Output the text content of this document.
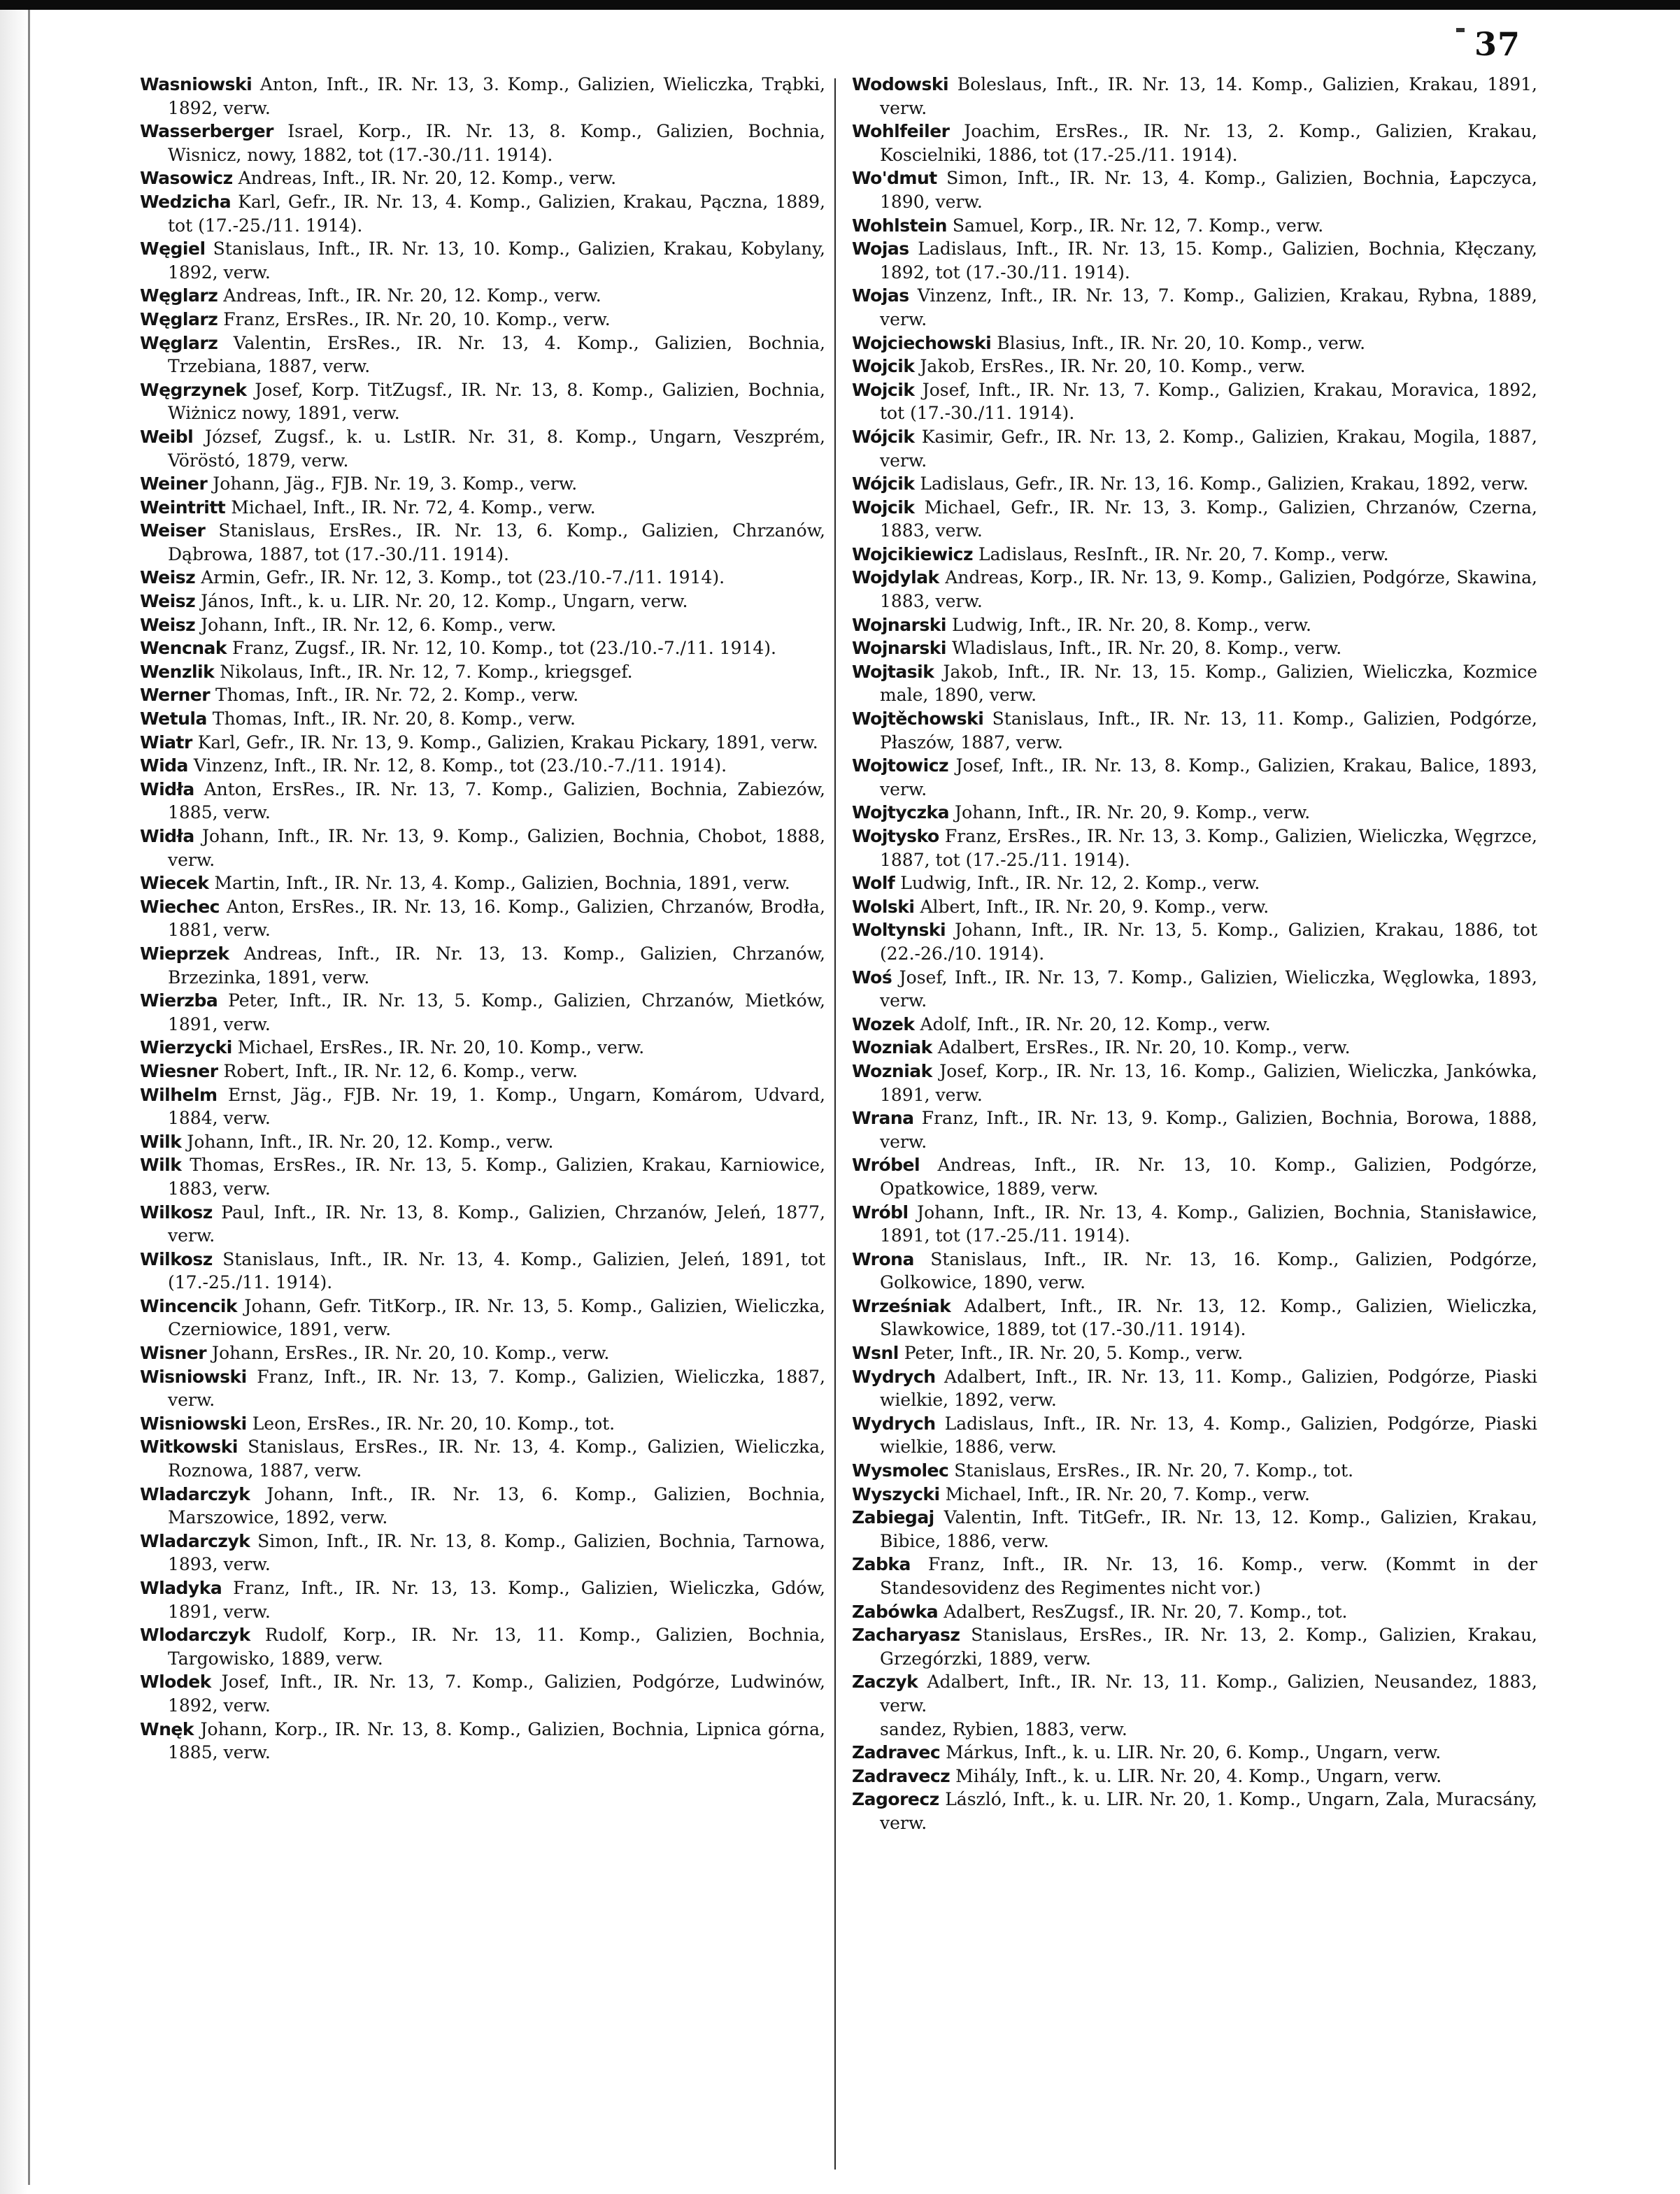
37

Wasniowski Anton, Inft., IR. Nr. 13, 3. Komp., Galizien, Wieliczka, Trąbki, 1892, verw.

Wasserberger Israel, Korp., IR. Nr. 13, 8. Komp., Galizien, Bochnia, Wisnicz, nowy, 1882, tot (17.-30./11. 1914).

Wasowicz Andreas, Inft., IR. Nr. 20, 12. Komp., verw.

Wedzicha Karl, Gefr., IR. Nr. 13, 4. Komp., Galizien, Krakau, Pączna, 1889, tot (17.-25./11. 1914).

Węgiel Stanislaus, Inft., IR. Nr. 13, 10. Komp., Galizien, Krakau, Kobylany, 1892, verw.

Węglarz Andreas, Inft., IR. Nr. 20, 12. Komp., verw.

Węglarz Franz, ErsRes., IR. Nr. 20, 10. Komp., verw.

Węglarz Valentin, ErsRes., IR. Nr. 13, 4. Komp., Galizien, Bochnia, Trzebiana, 1887, verw.

Węgrzynek Josef, Korp. TitZugsf., IR. Nr. 13, 8. Komp., Galizien, Bochnia, Wiżnicz nowy, 1891, verw.

Weibl József, Zugsf., k. u. LstIR. Nr. 31, 8. Komp., Ungarn, Veszprém, Vöröstó, 1879, verw.

Weiner Johann, Jäg., FJB. Nr. 19, 3. Komp., verw.

Weintritt Michael, Inft., IR. Nr. 72, 4. Komp., verw.

Weiser Stanislaus, ErsRes., IR. Nr. 13, 6. Komp., Galizien, Chrzanów, Dąbrowa, 1887, tot (17.-30./11. 1914).

Weisz Armin, Gefr., IR. Nr. 12, 3. Komp., tot (23./10.-7./11. 1914).

Weisz János, Inft., k. u. LIR. Nr. 20, 12. Komp., Ungarn, verw.

Weisz Johann, Inft., IR. Nr. 12, 6. Komp., verw.

Wencnak Franz, Zugsf., IR. Nr. 12, 10. Komp., tot (23./10.-7./11. 1914).

Wenzlik Nikolaus, Inft., IR. Nr. 12, 7. Komp., kriegsgef.

Werner Thomas, Inft., IR. Nr. 72, 2. Komp., verw.

Wetula Thomas, Inft., IR. Nr. 20, 8. Komp., verw.

Wiatr Karl, Gefr., IR. Nr. 13, 9. Komp., Galizien, Krakau Pickary, 1891, verw.

Wida Vinzenz, Inft., IR. Nr. 12, 8. Komp., tot (23./10.-7./11. 1914).

Widła Anton, ErsRes., IR. Nr. 13, 7. Komp., Galizien, Bochnia, Zabiezów, 1885, verw.

Widła Johann, Inft., IR. Nr. 13, 9. Komp., Galizien, Bochnia, Chobot, 1888, verw.

Wiecek Martin, Inft., IR. Nr. 13, 4. Komp., Galizien, Bochnia, 1891, verw.

Wiechec Anton, ErsRes., IR. Nr. 13, 16. Komp., Galizien, Chrzanów, Brodła, 1881, verw.

Wieprzek Andreas, Inft., IR. Nr. 13, 13. Komp., Galizien, Chrzanów, Brzezinka, 1891, verw.

Wierzba Peter, Inft., IR. Nr. 13, 5. Komp., Galizien, Chrzanów, Mietków, 1891, verw.

Wierzycki Michael, ErsRes., IR. Nr. 20, 10. Komp., verw.

Wiesner Robert, Inft., IR. Nr. 12, 6. Komp., verw.

Wilhelm Ernst, Jäg., FJB. Nr. 19, 1. Komp., Ungarn, Komárom, Udvard, 1884, verw.

Wilk Johann, Inft., IR. Nr. 20, 12. Komp., verw.

Wilk Thomas, ErsRes., IR. Nr. 13, 5. Komp., Galizien, Krakau, Karniowice, 1883, verw.

Wilkosz Paul, Inft., IR. Nr. 13, 8. Komp., Galizien, Chrzanów, Jeleń, 1877, verw.

Wilkosz Stanislaus, Inft., IR. Nr. 13, 4. Komp., Galizien, Jeleń, 1891, tot (17.-25./11. 1914).

Wincencik Johann, Gefr. TitKorp., IR. Nr. 13, 5. Komp., Galizien, Wieliczka, Czerniowice, 1891, verw.

Wisner Johann, ErsRes., IR. Nr. 20, 10. Komp., verw.

Wisniowski Franz, Inft., IR. Nr. 13, 7. Komp., Galizien, Wieliczka, 1887, verw.

Wisniowski Leon, ErsRes., IR. Nr. 20, 10. Komp., tot.

Witkowski Stanislaus, ErsRes., IR. Nr. 13, 4. Komp., Galizien, Wieliczka, Roznowa, 1887, verw.

Wladarczyk Johann, Inft., IR. Nr. 13, 6. Komp., Galizien, Bochnia, Marszowice, 1892, verw.

Wladarczyk Simon, Inft., IR. Nr. 13, 8. Komp., Galizien, Bochnia, Tarnowa, 1893, verw.

Wladyka Franz, Inft., IR. Nr. 13, 13. Komp., Galizien, Wieliczka, Gdów, 1891, verw.

Wlodarczyk Rudolf, Korp., IR. Nr. 13, 11. Komp., Galizien, Bochnia, Targowisko, 1889, verw.

Wlodek Josef, Inft., IR. Nr. 13, 7. Komp., Galizien, Podgórze, Ludwinów, 1892, verw.

Wnęk Johann, Korp., IR. Nr. 13, 8. Komp., Galizien, Bochnia, Lipnica górna, 1885, verw.

Wodowski Boleslaus, Inft., IR. Nr. 13, 14. Komp., Galizien, Krakau, 1891, verw.

Wohlfeiler Joachim, ErsRes., IR. Nr. 13, 2. Komp., Galizien, Krakau, Koscielniki, 1886, tot (17.-25./11. 1914).

Wo'dmut Simon, Inft., IR. Nr. 13, 4. Komp., Galizien, Bochnia, Łapczyca, 1890, verw.

Wohlstein Samuel, Korp., IR. Nr. 12, 7. Komp., verw.

Wojas Ladislaus, Inft., IR. Nr. 13, 15. Komp., Galizien, Bochnia, Kłęczany, 1892, tot (17.-30./11. 1914).

Wojas Vinzenz, Inft., IR. Nr. 13, 7. Komp., Galizien, Krakau, Rybna, 1889, verw.

Wojciechowski Blasius, Inft., IR. Nr. 20, 10. Komp., verw.

Wojcik Jakob, ErsRes., IR. Nr. 20, 10. Komp., verw.

Wojcik Josef, Inft., IR. Nr. 13, 7. Komp., Galizien, Krakau, Moravica, 1892, tot (17.-30./11. 1914).

Wójcik Kasimir, Gefr., IR. Nr. 13, 2. Komp., Galizien, Krakau, Mogila, 1887, verw.

Wójcik Ladislaus, Gefr., IR. Nr. 13, 16. Komp., Galizien, Krakau, 1892, verw.

Wojcik Michael, Gefr., IR. Nr. 13, 3. Komp., Galizien, Chrzanów, Czerna, 1883, verw.

Wojcikiewicz Ladislaus, ResInft., IR. Nr. 20, 7. Komp., verw.

Wojdylak Andreas, Korp., IR. Nr. 13, 9. Komp., Galizien, Podgórze, Skawina, 1883, verw.

Wojnarski Ludwig, Inft., IR. Nr. 20, 8. Komp., verw.

Wojnarski Wladislaus, Inft., IR. Nr. 20, 8. Komp., verw.

Wojtasik Jakob, Inft., IR. Nr. 13, 15. Komp., Galizien, Wieliczka, Kozmice male, 1890, verw.

Wojtěchowski Stanislaus, Inft., IR. Nr. 13, 11. Komp., Galizien, Podgórze, Płaszów, 1887, verw.

Wojtowicz Josef, Inft., IR. Nr. 13, 8. Komp., Galizien, Krakau, Balice, 1893, verw.

Wojtyczka Johann, Inft., IR. Nr. 20, 9. Komp., verw.

Wojtysko Franz, ErsRes., IR. Nr. 13, 3. Komp., Galizien, Wieliczka, Węgrzce, 1887, tot (17.-25./11. 1914).

Wolf Ludwig, Inft., IR. Nr. 12, 2. Komp., verw.

Wolski Albert, Inft., IR. Nr. 20, 9. Komp., verw.

Woltynski Johann, Inft., IR. Nr. 13, 5. Komp., Galizien, Krakau, 1886, tot (22.-26./10. 1914).

Woś Josef, Inft., IR. Nr. 13, 7. Komp., Galizien, Wieliczka, Węglowka, 1893, verw.

Wozek Adolf, Inft., IR. Nr. 20, 12. Komp., verw.

Wozniak Adalbert, ErsRes., IR. Nr. 20, 10. Komp., verw.

Wozniak Josef, Korp., IR. Nr. 13, 16. Komp., Galizien, Wieliczka, Jankówka, 1891, verw.

Wrana Franz, Inft., IR. Nr. 13, 9. Komp., Galizien, Bochnia, Borowa, 1888, verw.

Wróbel Andreas, Inft., IR. Nr. 13, 10. Komp., Galizien, Podgórze, Opatkowice, 1889, verw.

Wróbl Johann, Inft., IR. Nr. 13, 4. Komp., Galizien, Bochnia, Stanisławice, 1891, tot (17.-25./11. 1914).

Wrona Stanislaus, Inft., IR. Nr. 13, 16. Komp., Galizien, Podgórze, Golkowice, 1890, verw.

Wrześniak Adalbert, Inft., IR. Nr. 13, 12. Komp., Galizien, Wieliczka, Slawkowice, 1889, tot (17.-30./11. 1914).

Wsnl Peter, Inft., IR. Nr. 20, 5. Komp., verw.

Wydrych Adalbert, Inft., IR. Nr. 13, 11. Komp., Galizien, Podgórze, Piaski wielkie, 1892, verw.

Wydrych Ladislaus, Inft., IR. Nr. 13, 4. Komp., Galizien, Podgórze, Piaski wielkie, 1886, verw.

Wysmolec Stanislaus, ErsRes., IR. Nr. 20, 7. Komp., tot.

Wyszycki Michael, Inft., IR. Nr. 20, 7. Komp., verw.

Zabiegaj Valentin, Inft. TitGefr., IR. Nr. 13, 12. Komp., Galizien, Krakau, Bibice, 1886, verw.

Zabka Franz, Inft., IR. Nr. 13, 16. Komp., verw. (Kommt in der Standesovidenz des Regimentes nicht vor.)

Zabówka Adalbert, ResZugsf., IR. Nr. 20, 7. Komp., tot.

Zacharyasz Stanislaus, ErsRes., IR. Nr. 13, 2. Komp., Galizien, Krakau, Grzegórzki, 1889, verw.

Zaczyk Adalbert, Inft., IR. Nr. 13, 11. Komp., Galizien, Neusandez, 1883, verw.

sandez, Rybien, 1883, verw.

Zadravec Márkus, Inft., k. u. LIR. Nr. 20, 6. Komp., Ungarn, verw.

Zadravecz Mihály, Inft., k. u. LIR. Nr. 20, 4. Komp., Ungarn, verw.

Zagorecz László, Inft., k. u. LIR. Nr. 20, 1. Komp., Ungarn, Zala, Muracsány, verw.
